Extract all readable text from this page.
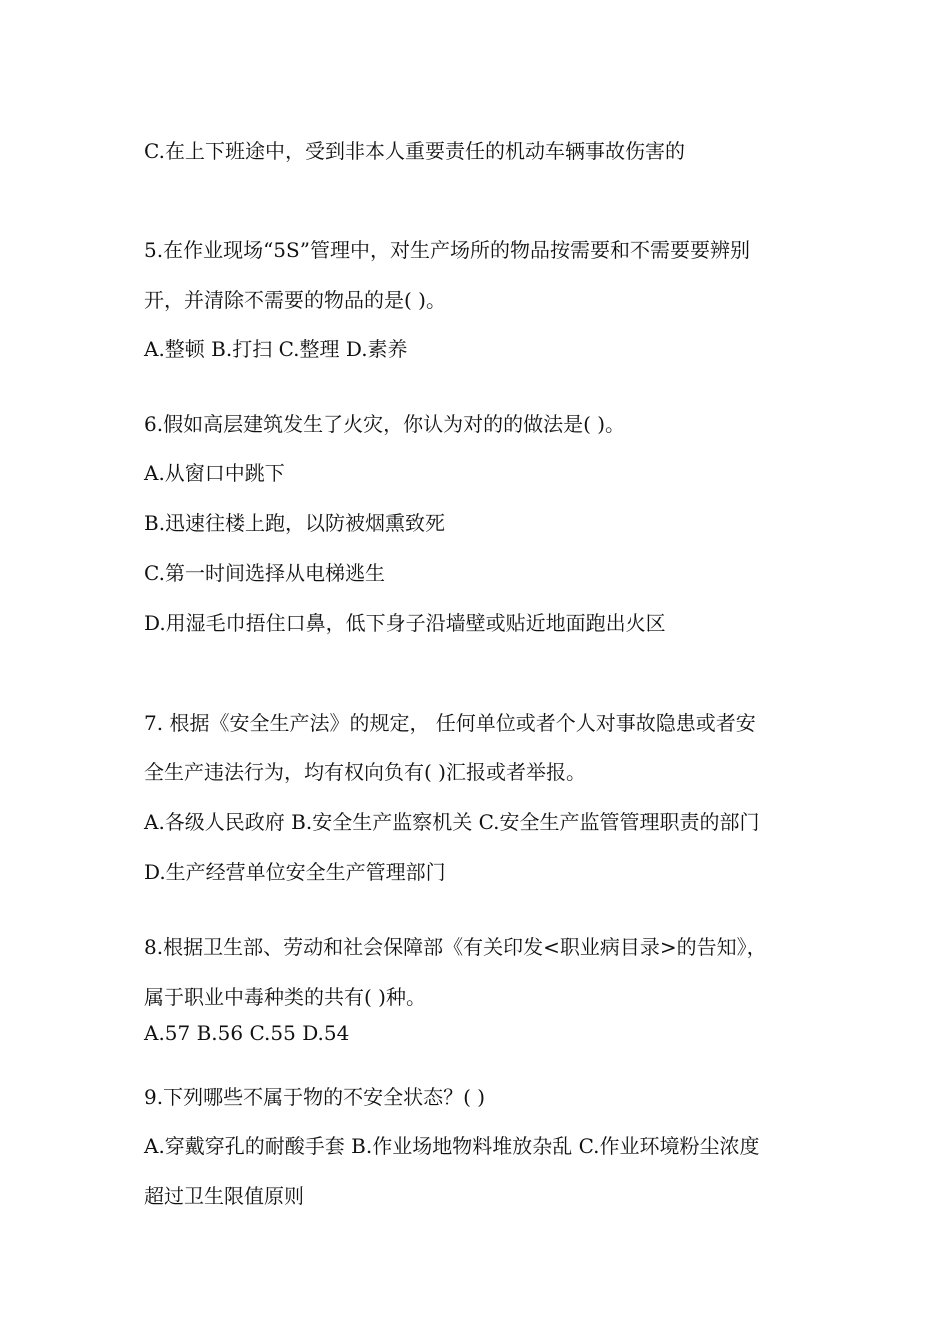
C.在上下班途中，受到非本人重要责任的机动车辆事故伤害的
5.在作业现场“5S”管理中，对生产场所的物品按需要和不需要要辨别
开，并清除不需要的物品的是( )。
A.整顿 B.打扫 C.整理 D.素养
6.假如高层建筑发生了火灾，你认为对的的做法是( )。
A.从窗口中跳下
B.迅速往楼上跑，以防被烟熏致死
C.第一时间选择从电梯逃生
D.用湿毛巾捂住口鼻，低下身子沿墙壁或贴近地面跑出火区
7. 根据《安全生产法》的规定， 任何单位或者个人对事故隐患或者安
全生产违法行为，均有权向负有( )汇报或者举报。
A.各级人民政府 B.安全生产监察机关 C.安全生产监管管理职责的部门
D.生产经营单位安全生产管理部门
8.根据卫生部、劳动和社会保障部《有关印发<职业病目录>的告知》，
属于职业中毒种类的共有( )种。
A.57 B.56 C.55 D.54
9.下列哪些不属于物的不安全状态？( )
A.穿戴穿孔的耐酸手套 B.作业场地物料堆放杂乱 C.作业环境粉尘浓度
超过卫生限值原则
